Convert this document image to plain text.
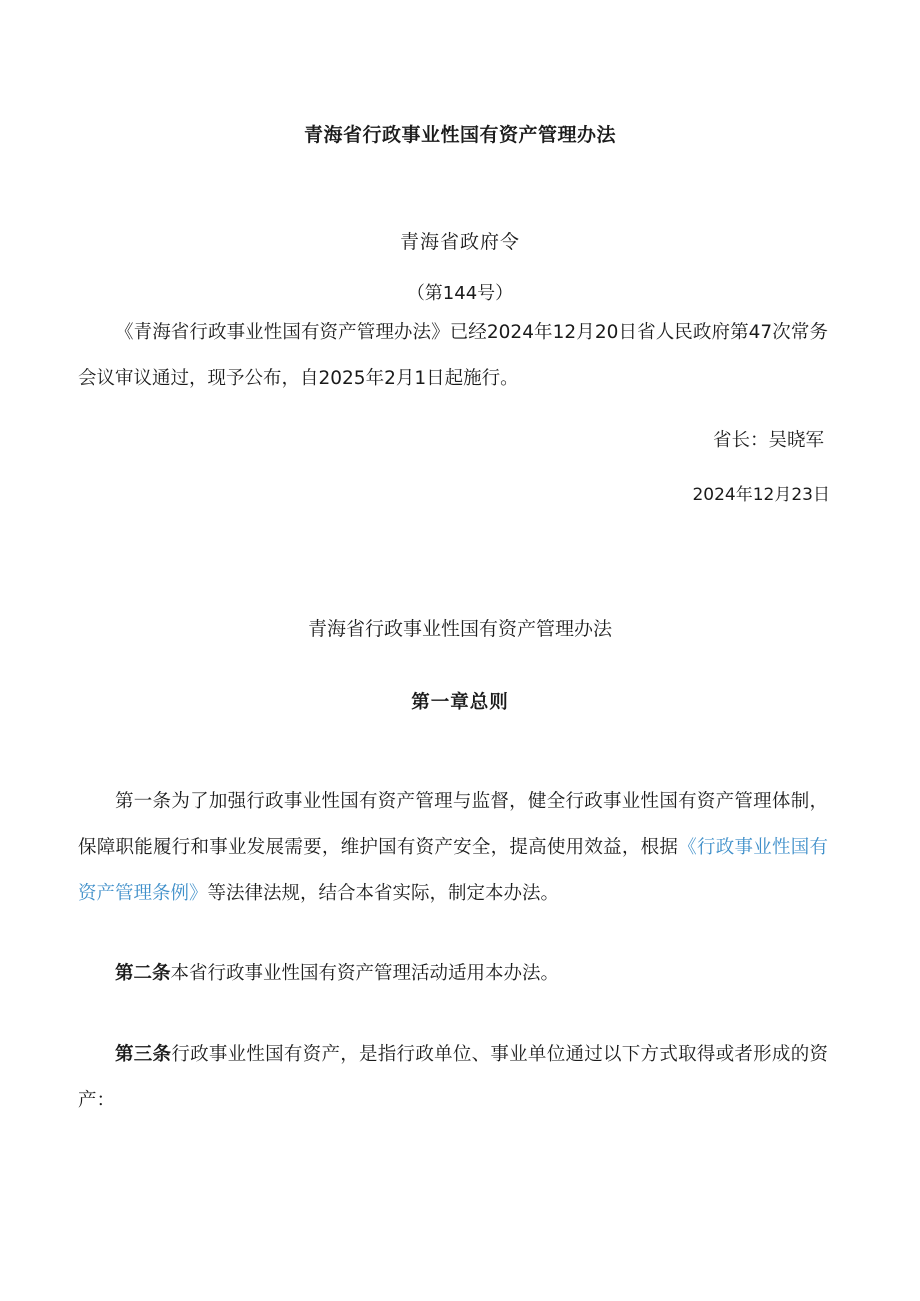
青海省行政事业性国有资产管理办法
青海省政府令
（第144号）

《青海省行政事业性国有资产管理办法》已经2024年12月20日省人民政府第47次常务会议审议通过，现予公布，自2025年2月1日起施行。

省长：吴晓军
2024年12月23日
青海省行政事业性国有资产管理办法
第一章总则

第一条为了加强行政事业性国有资产管理与监督，健全行政事业性国有资产管理体制，保障职能履行和事业发展需要，维护国有资产安全，提高使用效益，根据《行政事业性国有资产管理条例》等法律法规，结合本省实际，制定本办法。

第二条本省行政事业性国有资产管理活动适用本办法。

第三条行政事业性国有资产，是指行政单位、事业单位通过以下方式取得或者形成的资产：
